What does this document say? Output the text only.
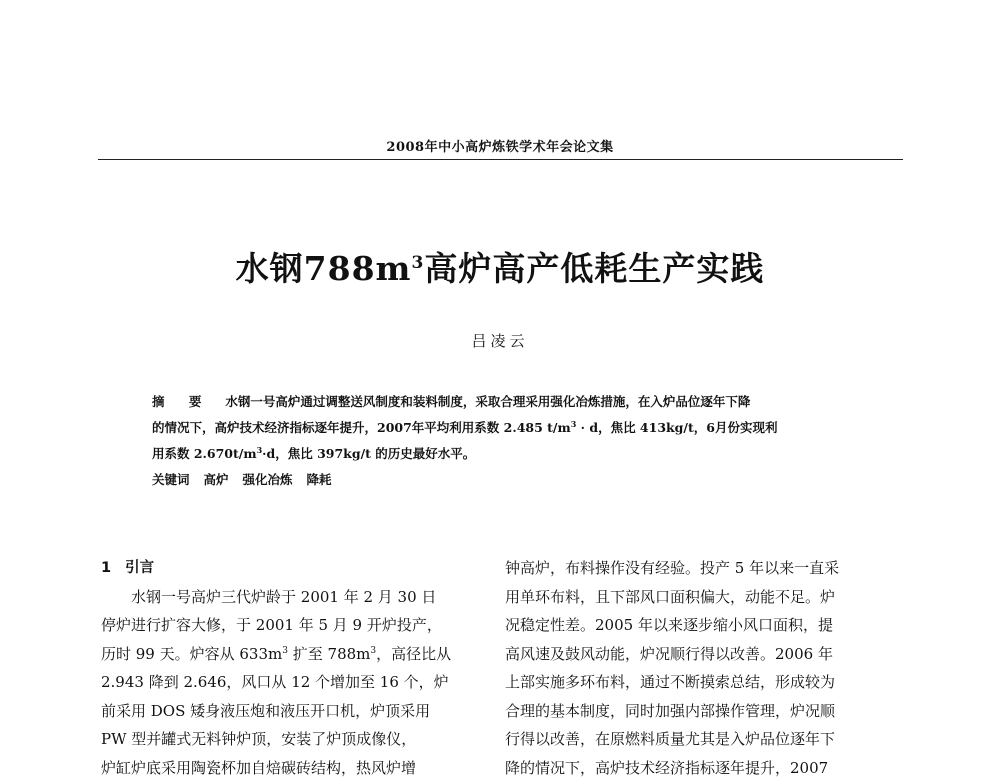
2008年中小高炉炼铁学术年会论文集
水钢$788m^3$高炉高产低耗生产实践
吕凌云
摘 要 水钢一号高炉通过调整送风制度和装料制度，采取合理采用强化冶炼措施，在入炉品位逐年下降
的情况下，高炉技术经济指标逐年提升，2007年平均利用系数 2.485 $t/m^3 \cdot d$，焦比 413kg/t，6月份实现利
用系数 $2.670t/m^3\cdot d$，焦比 397kg/t 的历史最好水平。
关键词 高炉 强化冶炼 降耗
1 引言
水钢一号高炉三代炉龄于 2001 年 2 月 30 日
停炉进行扩容大修，于 2001 年 5 月 9 开炉投产，
历时 99 天。炉容从 $633m^3$ 扩至 $788m^3$，高径比从
2.943 降到 2.646，风口从 12 个增加至 16 个，炉
前采用 DOS 矮身液压炮和液压开口机，炉顶采用
PW 型并罐式无料钟炉顶，安装了炉顶成像仪，
炉缸炉底采用陶瓷杯加自焙碳砖结构，热风炉增
钟高炉，布料操作没有经验。投产 5 年以来一直采
用单环布料，且下部风口面积偏大，动能不足。炉
况稳定性差。2005 年以来逐步缩小风口面积，提
高风速及鼓风动能，炉况顺行得以改善。2006 年
上部实施多环布料，通过不断摸索总结，形成较为
合理的基本制度，同时加强内部操作管理，炉况顺
行得以改善，在原燃料质量尤其是入炉品位逐年下
降的情况下，高炉技术经济指标逐年提升，2007
